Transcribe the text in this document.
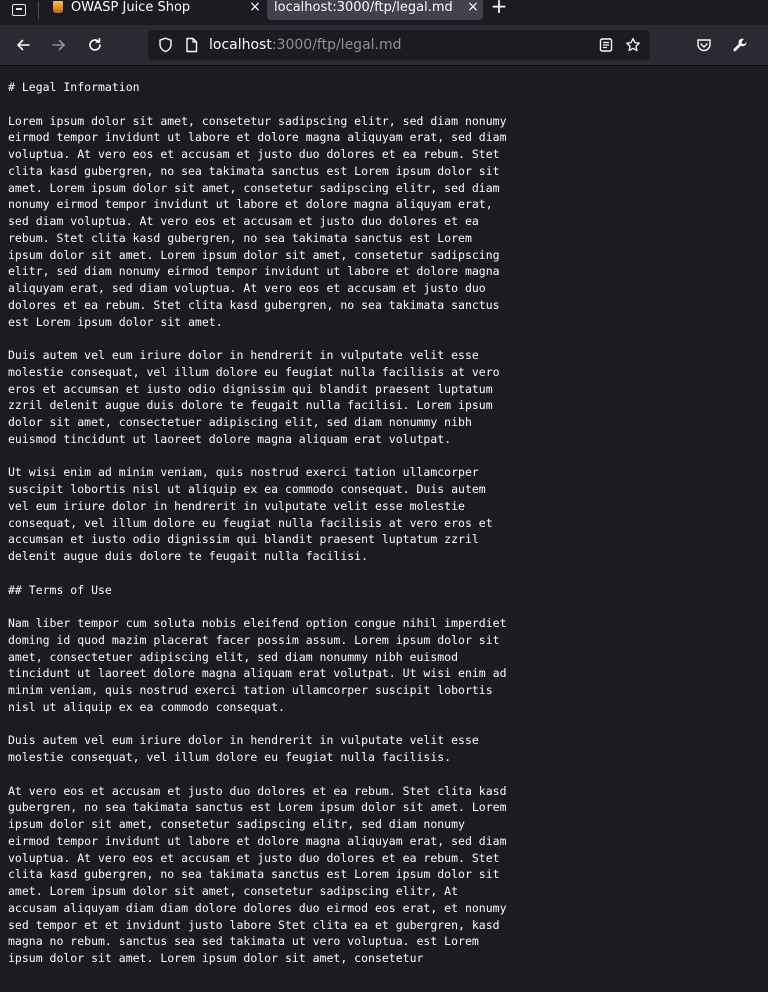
OWASP Juice Shop	×	localhost:3000/ftp/legal.md	× +
localhost:3000/ftp/legal.md
# Legal Information

Lorem ipsum dolor sit amet, consetetur sadipscing elitr, sed diam nonumy
eirmod tempor invidunt ut labore et dolore magna aliquyam erat, sed diam
voluptua. At vero eos et accusam et justo duo dolores et ea rebum. Stet
clita kasd gubergren, no sea takimata sanctus est Lorem ipsum dolor sit
amet. Lorem ipsum dolor sit amet, consetetur sadipscing elitr, sed diam
nonumy eirmod tempor invidunt ut labore et dolore magna aliquyam erat,
sed diam voluptua. At vero eos et accusam et justo duo dolores et ea
rebum. Stet clita kasd gubergren, no sea takimata sanctus est Lorem
ipsum dolor sit amet. Lorem ipsum dolor sit amet, consetetur sadipscing
elitr, sed diam nonumy eirmod tempor invidunt ut labore et dolore magna
aliquyam erat, sed diam voluptua. At vero eos et accusam et justo duo
dolores et ea rebum. Stet clita kasd gubergren, no sea takimata sanctus
est Lorem ipsum dolor sit amet.

Duis autem vel eum iriure dolor in hendrerit in vulputate velit esse
molestie consequat, vel illum dolore eu feugiat nulla facilisis at vero
eros et accumsan et iusto odio dignissim qui blandit praesent luptatum
zzril delenit augue duis dolore te feugait nulla facilisi. Lorem ipsum
dolor sit amet, consectetuer adipiscing elit, sed diam nonummy nibh
euismod tincidunt ut laoreet dolore magna aliquam erat volutpat.

Ut wisi enim ad minim veniam, quis nostrud exerci tation ullamcorper
suscipit lobortis nisl ut aliquip ex ea commodo consequat. Duis autem
vel eum iriure dolor in hendrerit in vulputate velit esse molestie
consequat, vel illum dolore eu feugiat nulla facilisis at vero eros et
accumsan et iusto odio dignissim qui blandit praesent luptatum zzril
delenit augue duis dolore te feugait nulla facilisi.

## Terms of Use

Nam liber tempor cum soluta nobis eleifend option congue nihil imperdiet
doming id quod mazim placerat facer possim assum. Lorem ipsum dolor sit
amet, consectetuer adipiscing elit, sed diam nonummy nibh euismod
tincidunt ut laoreet dolore magna aliquam erat volutpat. Ut wisi enim ad
minim veniam, quis nostrud exerci tation ullamcorper suscipit lobortis
nisl ut aliquip ex ea commodo consequat.

Duis autem vel eum iriure dolor in hendrerit in vulputate velit esse
molestie consequat, vel illum dolore eu feugiat nulla facilisis.

At vero eos et accusam et justo duo dolores et ea rebum. Stet clita kasd
gubergren, no sea takimata sanctus est Lorem ipsum dolor sit amet. Lorem
ipsum dolor sit amet, consetetur sadipscing elitr, sed diam nonumy
eirmod tempor invidunt ut labore et dolore magna aliquyam erat, sed diam
voluptua. At vero eos et accusam et justo duo dolores et ea rebum. Stet
clita kasd gubergren, no sea takimata sanctus est Lorem ipsum dolor sit
amet. Lorem ipsum dolor sit amet, consetetur sadipscing elitr, At
accusam aliquyam diam diam dolore dolores duo eirmod eos erat, et nonumy
sed tempor et et invidunt justo labore Stet clita ea et gubergren, kasd
magna no rebum. sanctus sea sed takimata ut vero voluptua. est Lorem
ipsum dolor sit amet. Lorem ipsum dolor sit amet, consetetur
